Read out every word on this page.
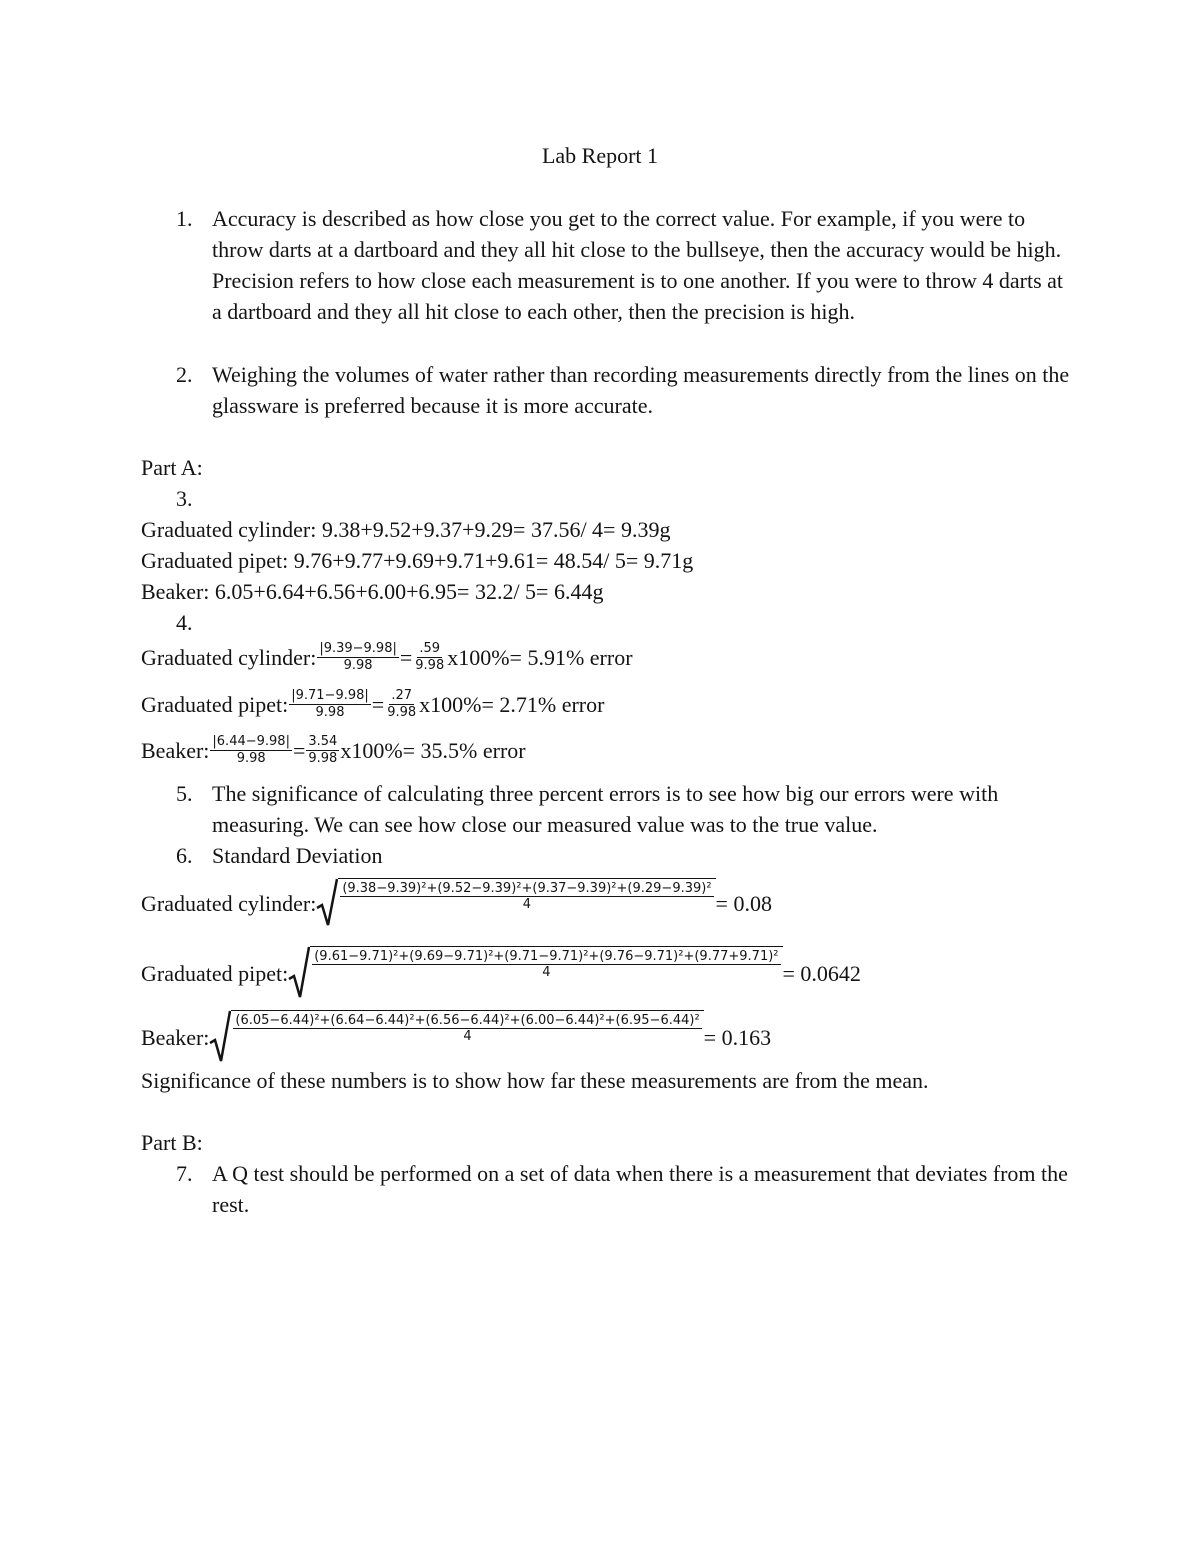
Lab Report 1
1. Accuracy is described as how close you get to the correct value. For example, if you were to throw darts at a dartboard and they all hit close to the bullseye, then the accuracy would be high. Precision refers to how close each measurement is to one another. If you were to throw 4 darts at a dartboard and they all hit close to each other, then the precision is high.
2. Weighing the volumes of water rather than recording measurements directly from the lines on the glassware is preferred because it is more accurate.
Part A:
3.
Graduated cylinder: 9.38+9.52+9.37+9.29= 37.56/ 4= 9.39g
Graduated pipet: 9.76+9.77+9.69+9.71+9.61= 48.54/ 5= 9.71g
Beaker: 6.05+6.64+6.56+6.00+6.95= 32.2/ 5= 6.44g
4.
Graduated cylinder: $\frac{|9.39-9.98|}{9.98} = \frac{.59}{9.98} x100\%= 5.91\%$ error
Graduated pipet: $\frac{|9.71-9.98|}{9.98} = \frac{.27}{9.98} x100\%= 2.71\%$ error
Beaker: $\frac{|6.44-9.98|}{9.98} = \frac{3.54}{9.98} x100\%= 35.5\%$ error
5. The significance of calculating three percent errors is to see how big our errors were with measuring. We can see how close our measured value was to the true value.
6. Standard Deviation
Graduated cylinder: $\frac{\text{(9.38−9.39)²+(9.52−9.39)²+(9.37−9.39)²+(9.29−9.39)²}}{4} = 0.08$
Graduated pipet:
(9.61−9.71)²+(9.69−9.71)²+(9.71−9.71)²+(9.76−9.71)²+(9.77+9.71)²
4	= 0.0642
Beaker:
(6.05−6.44)²+(6.64−6.44)²+(6.56−6.44)²+(6.00−6.44)²+(6.95−6.44)²
4	= 0.163
Significance of these numbers is to show how far these measurements are from the mean.
Part B:
7. A Q test should be performed on a set of data when there is a measurement that deviates from the rest.
